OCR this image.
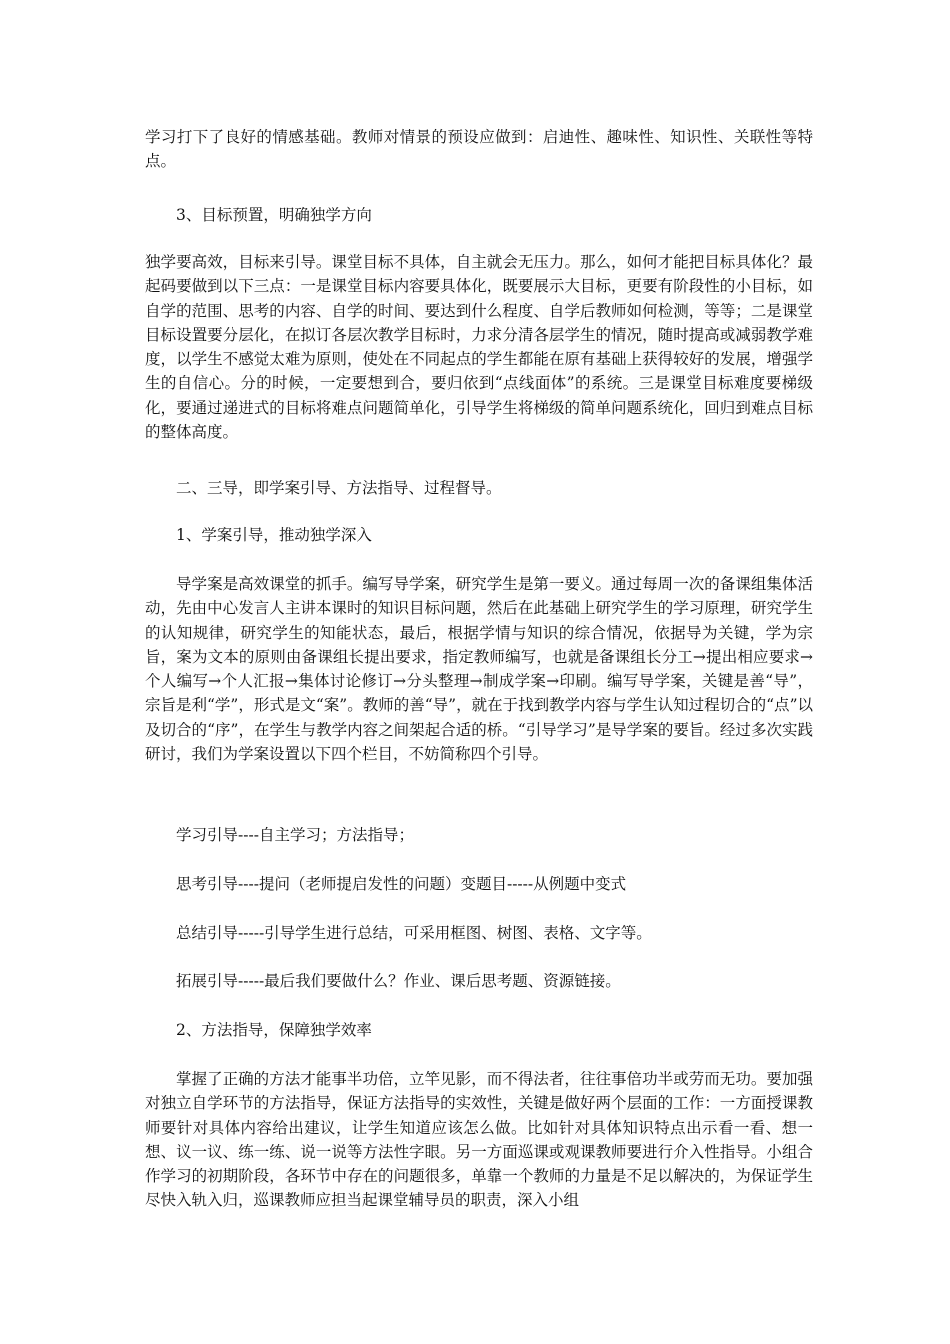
学习打下了良好的情感基础。教师对情景的预设应做到：启迪性、趣味性、知识性、关联性等特点。

3、目标预置，明确独学方向

独学要高效，目标来引导。课堂目标不具体，自主就会无压力。那么，如何才能把目标具体化？最起码要做到以下三点：一是课堂目标内容要具体化，既要展示大目标，更要有阶段性的小目标，如自学的范围、思考的内容、自学的时间、要达到什么程度、自学后教师如何检测，等等；二是课堂目标设置要分层化，在拟订各层次教学目标时，力求分清各层学生的情况，随时提高或减弱教学难度，以学生不感觉太难为原则，使处在不同起点的学生都能在原有基础上获得较好的发展，增强学生的自信心。分的时候，一定要想到合，要归依到“点线面体”的系统。三是课堂目标难度要梯级化，要通过递进式的目标将难点问题简单化，引导学生将梯级的简单问题系统化，回归到难点目标的整体高度。

二、三导，即学案引导、方法指导、过程督导。

1、学案引导，推动独学深入

导学案是高效课堂的抓手。编写导学案，研究学生是第一要义。通过每周一次的备课组集体活动，先由中心发言人主讲本课时的知识目标问题，然后在此基础上研究学生的学习原理，研究学生的认知规律，研究学生的知能状态，最后，根据学情与知识的综合情况，依据导为关键，学为宗旨，案为文本的原则由备课组长提出要求，指定教师编写，也就是备课组长分工→提出相应要求→个人编写→个人汇报→集体讨论修订→分头整理→制成学案→印刷。编写导学案，关键是善“导”，宗旨是利“学”，形式是文“案”。教师的善“导”，就在于找到教学内容与学生认知过程切合的“点”以及切合的“序”，在学生与教学内容之间架起合适的桥。“引导学习”是导学案的要旨。经过多次实践研讨，我们为学案设置以下四个栏目，不妨简称四个引导。

学习引导----自主学习；方法指导；

思考引导----提问（老师提启发性的问题）变题目-----从例题中变式

总结引导-----引导学生进行总结，可采用框图、树图、表格、文字等。

拓展引导-----最后我们要做什么？作业、课后思考题、资源链接。

2、方法指导，保障独学效率

掌握了正确的方法才能事半功倍，立竿见影，而不得法者，往往事倍功半或劳而无功。要加强对独立自学环节的方法指导，保证方法指导的实效性，关键是做好两个层面的工作：一方面授课教师要针对具体内容给出建议，让学生知道应该怎么做。比如针对具体知识特点出示看一看、想一想、议一议、练一练、说一说等方法性字眼。另一方面巡课或观课教师要进行介入性指导。小组合作学习的初期阶段，各环节中存在的问题很多，单靠一个教师的力量是不足以解决的，为保证学生尽快入轨入归，巡课教师应担当起课堂辅导员的职责，深入小组
